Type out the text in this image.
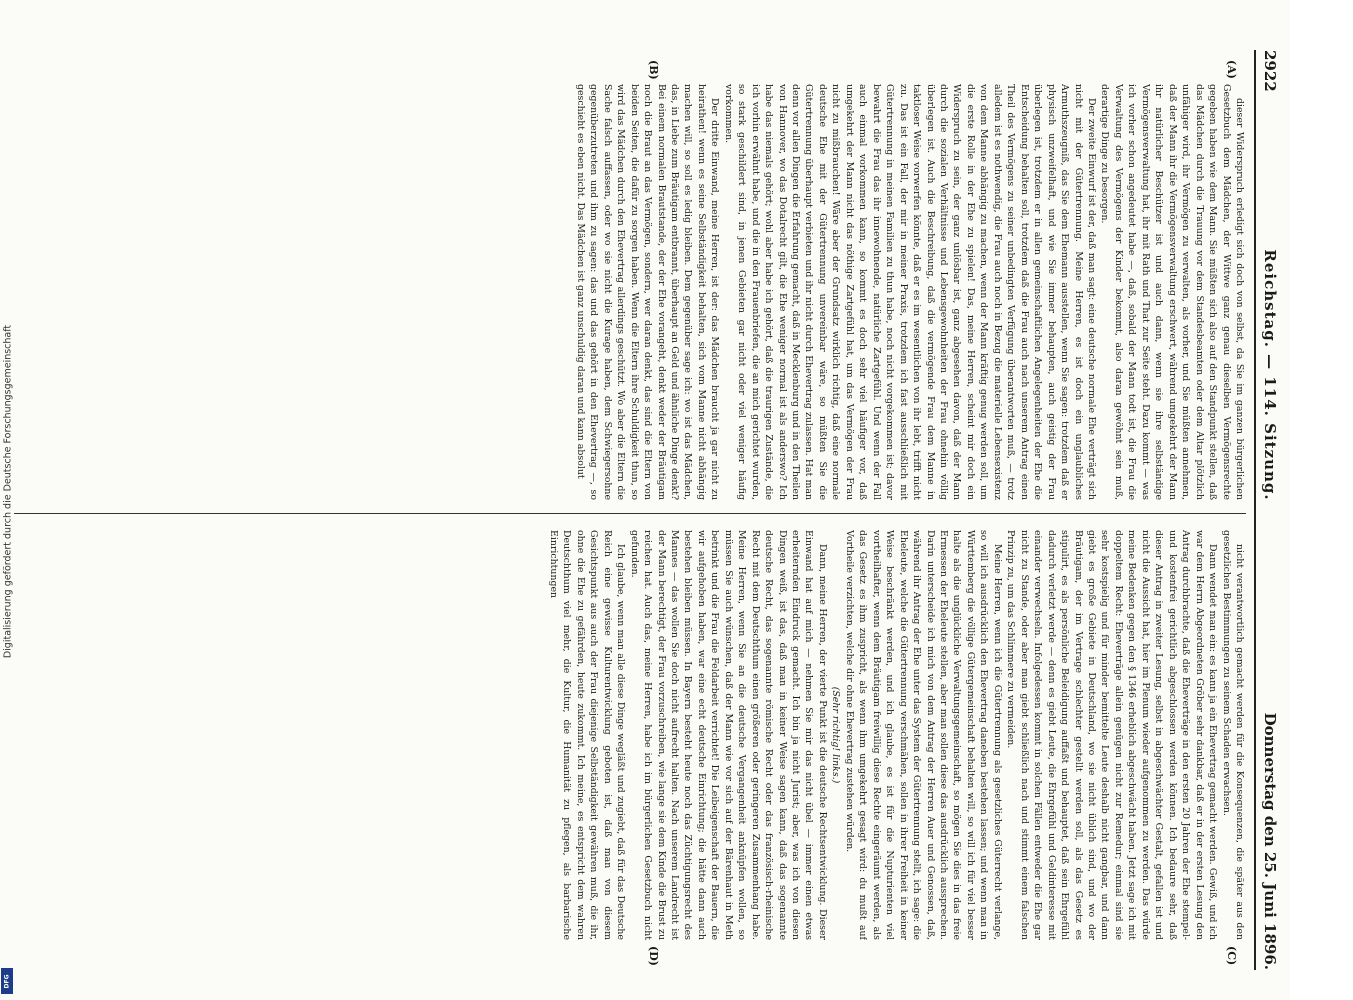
2922
Reichstag. — 114. Sitzung.
Donnerstag den 25. Juni 1896.
(A)
(B)
(C)
(D)

dieser Widerspruch erledigt sich doch von selbst, da Sie im ganzen bürgerlichen Gesetzbuch dem Mädchen, der Wittwe ganz genau dieselben Vermögensrechte gegeben haben wie dem Mann. Sie müßten sich also auf den Standpunkt stellen, daß das Mädchen durch die Trauung vor dem Standesbeamten oder dem Altar plötzlich unfähiger wird, ihr Vermögen zu verwalten, als vorher, und Sie müßten annehmen, daß der Mann ihr die Vermögensverwaltung erschwert, während umgekehrt der Mann ihr natürlicher Beschützer ist und auch dann, wenn sie ihre selbständige Vermögensverwaltung hat, ihr mit Rath und That zur Seite steht. Dazu kommt — was ich vorher schon angedeutet habe —, daß, sobald der Mann todt ist, die Frau die Verwaltung des Vermögens der Kinder bekommt, also daran gewöhnt sein muß, derartige Dinge zu besorgen.

Der zweite Einwurf ist der, daß man sagt: eine deutsche normale Ehe verträgt sich nicht mit der Gütertrennung. Meine Herren, es ist doch ein unglaubliches Armuthszeugniß, das Sie dem Ehemann ausstellen, wenn Sie sagen: trotzdem daß er physisch unzweifelhaft, und wie Sie immer behaupten, auch geistig der Frau überlegen ist, trotzdem er in allen gemeinschaftlichen Angelegenheiten der Ehe die Entscheidung behalten soll, trotzdem daß die Frau auch nach unserem Antrag einen Theil des Vermögens zu seiner unbedingten Verfügung überantworten muß, — trotz alledem ist es nothwendig, die Frau auch noch in Bezug die materielle Lebensexistenz von dem Manne abhängig zu machen, wenn der Mann kräftig genug werden soll, um die erste Rolle in der Ehe zu spielen! Das, meine Herren, scheint mir doch ein Widerspruch zu sein, der ganz unlösbar ist, ganz abgesehen davon, daß der Mann durch die sozialen Verhältnisse und Lebensgewohnheiten der Frau ohnehin völlig überlegen ist. Auch die Beschreibung, daß die vermögende Frau dem Manne in taktloser Weise vorwerfen könnte, daß er es im wesentlichen von ihr lebt, trifft nicht zu. Das ist ein Fall, der mir in meiner Praxis, trotzdem ich fast ausschließlich mit Gütertrennung in meinen Familien zu thun habe, noch nicht vorgekommen ist; davor bewahrt die Frau das ihr innewohnende, natürliche Zartgefühl. Und wenn der Fall auch einmal vorkommen kann, so kommt es doch sehr viel häufiger vor, daß umgekehrt der Mann nicht das nöthige Zartgefühl hat, um das Vermögen der Frau nicht zu mißbrauchen! Wäre aber der Grundsatz wirklich richtig, daß eine normale deutsche Ehe mit der Gütertrennung unvereinbar wäre, so müßten Sie die Gütertrennung überhaupt verbieten und ihr nicht durch Ehevertrag zulassen. Hat man denn vor allen Dingen die Erfahrung gemacht, daß in Mecklenburg und in den Theilen von Hannover, wo das Dotalrecht gilt, die Ehe weniger normal ist als anderswo? Ich habe das niemals gehört; wohl aber habe ich gehört, daß die traurigen Zustände, die ich vorhin erwähnt habe, und die in den Frauenbriefen, die an mich gerichtet wurden, so stark geschildert sind, in jenen Gebieten gar nicht oder viel weniger häufig vorkommen.

Der dritte Einwand, meine Herren, ist der: das Mädchen braucht ja gar nicht zu heirathen! wenn es seine Selbständigkeit behalten, sich vom Manne nicht abhängig machen will, so soll es ledig bleiben. Dem gegenüber sage ich: wo ist das Mädchen, das, in Liebe zum Bräutigam entbrannt, überhaupt an Geld und ähnliche Dinge denkt? Bei einem normalen Brautstande, der der Ehe vorangeht, denkt weder der Bräutigam noch die Braut an das Vermögen, sondern, wer daran denkt, das sind die Eltern von beiden Seiten, die dafür zu sorgen haben. Wenn die Eltern ihre Schuldigkeit thun, so wird das Mädchen durch den Ehevertrag allerdings geschützt. Wo aber die Eltern die Sache falsch auffassen, oder wo sie nicht die Kurage haben, dem Schwiegersohne gegenüberzutreten und ihm zu sagen: das und das gehört in den Ehevertrag —, so geschieht es eben nicht. Das Mädchen ist ganz unschuldig daran und kann absolut

nicht verantwortlich gemacht werden für die Konsequenzen, die später aus den gesetzlichen Bestimmungen zu seinem Schaden erwachsen.

Dann wendet man ein: es kann ja ein Ehevertrag gemacht werden. Gewiß, und ich war dem Herrn Abgeordneten Gröber sehr dankbar, daß er in der ersten Lesung den Antrag durchbrachte, daß die Eheverträge in den ersten 20 Jahren der Ehe stempel- und kostenfrei gerichtlich abgeschlossen werden können. Ich bedaure sehr, daß dieser Antrag in zweiter Lesung, selbst in abgeschwächter Gestalt, gefallen ist und nicht die Aussicht hat, hier im Plenum wieder aufgenommen zu werden. Das würde meine Bedenken gegen den § 1346 erheblich abgeschwächt haben. Jetzt sage ich mit doppeltem Recht: Eheverträge allein genügen nicht zur Remedur; einmal sind sie sehr kostspielig und für minder bemittelte Leute deshalb nicht gangbar, und dann giebt es große Gebiete in Deutschland, wo sie nicht üblich sind, und wo der Bräutigam, der im Vertrage schlechter gestellt werden soll, als das Gesetz es stipulirt, es als persönliche Beleidigung auffaßt und behauptet, daß sein Ehrgefühl dadurch verletzt werde — denn es giebt Leute, die Ehrgefühl und Geldinteresse mit einander verwechseln. Infolgedessen kommt in solchen Fällen entweder die Ehe gar nicht zu Stande, oder aber man giebt schließlich nach und stimmt einem falschen Prinzip zu, um das Schlimmere zu vermeiden.

Meine Herren, wenn ich die Gütertrennung als gesetzliches Güterrecht verlange, so will ich ausdrücklich den Ehevertrag daneben bestehen lassen; und wenn man in Württemberg die völlige Gütergemeinschaft behalten will, so will ich für viel besser halte als die unglückliche Verwaltungsgemeinschaft, so mögen Sie dies in das freie Ermessen der Eheleute stellen, aber man sollen diese das ausdrücklich aussprechen. Darin unterscheide ich mich von dem Antrag der Herren Auer und Genossen, daß, während ihr Antrag der Ehe unter das System der Gütertrennung stellt, ich sage: die Eheleute, welche die Gütertrennung verschmähen, sollen in ihrer Freiheit in keiner Weise beschränkt werden, und ich glaube, es ist für die Nupturienten viel vortheilhafter, wenn dem Bräutigam freiwillig diese Rechte eingeräumt werden, als das Gesetz es ihm zuspricht, als wenn ihm umgekehrt gesagt wird: du mußt auf Vortheile verzichten, welche dir ohne Ehevertrag zustehen würden.

(Sehr richtig! links.)

Dann, meine Herren, der vierte Punkt ist die deutsche Rechtsentwicklung. Dieser Einwand hat auf mich — nehmen Sie mir das nicht übel — immer einen etwas erheiternden Eindruck gemacht. Ich bin ja nicht Jurist; aber, was ich von diesen Dingen weiß, ist das, daß man in keiner Weise sagen kann, daß das sogenannte deutsche Recht, das sogenannte römische Recht oder das französisch-rheinische Recht mit dem Deutschthum einen größeren oder geringeren Zusammenhang habe. Meine Herren, wenn Sie an die deutsche Vergangenheit anknüpfen wollen, so müssen Sie auch wünschen, daß der Mann wie vor sich auf der Bärenhaut in Meth betrinkt und die Frau die Feldarbeit verrichtet! Die Leibeigenschaft der Bauern, die wir aufgehoben haben, war eine echt deutsche Einrichtung; die hätte dann auch bestehen bleiben müssen. In Bayern besteht heute noch das Züchtigungsrecht des Mannes — das wollen Sie doch nicht aufrecht halten. Nach unserem Landrecht ist der Mann berechtigt, der Frau vorzuschreiben, wie lange sie dem Kinde die Brust zu reichen hat. Auch das, meine Herren, habe ich im bürgerlichen Gesetzbuch nicht gefunden.

Ich glaube, wenn man alle diese Dinge wegläßt und zugiebt, daß für das Deutsche Reich eine gewisse Kulturentwicklung geboten ist, daß man von diesem Gesichtspunkt aus auch der Frau diejenige Selbständigkeit gewähren muß, die ihr, ohne die Ehe zu gefährden, heute zukommt. Ich meine, es entspricht dem wahren Deutschthum viel mehr, die Kultur, die Humanität zu pflegen, als barbarische Einrichtungen

Digitalisierung gefördert durch die Deutsche Forschungsgemeinschaft
DFG
